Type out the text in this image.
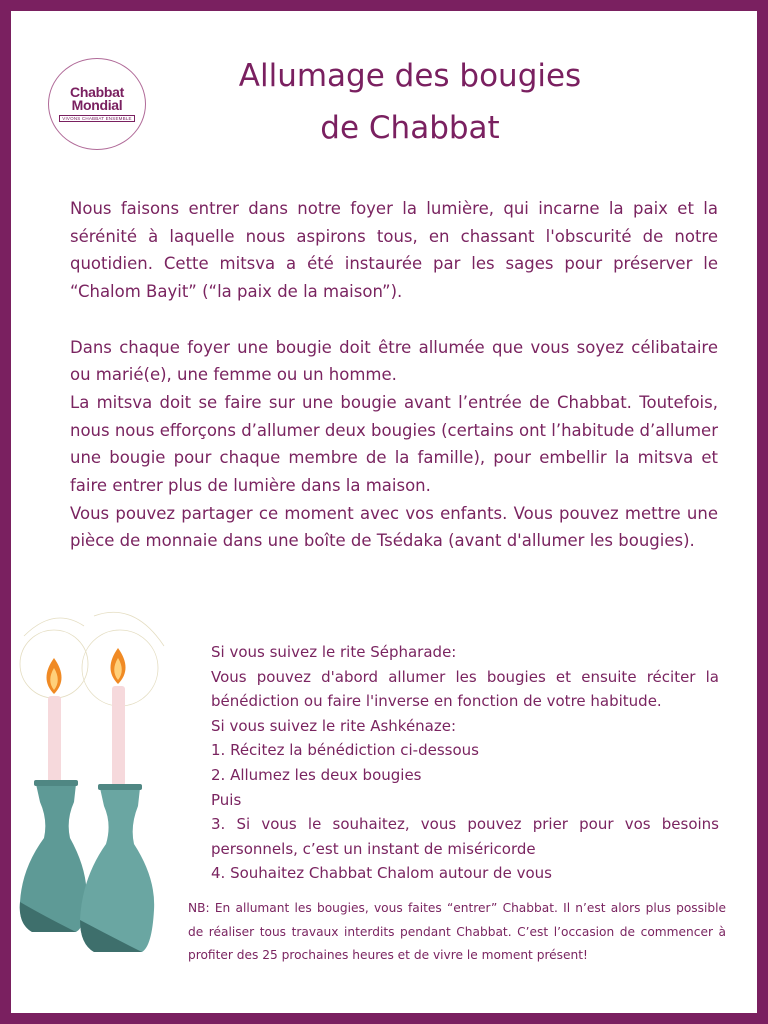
Chabbat
Mondial
VIVONS CHABBAT ENSEMBLE
Allumage des bougies
de Chabbat

Nous faisons entrer dans notre foyer la lumière, qui incarne la paix et la sérénité à laquelle nous aspirons tous, en chassant l'obscurité de notre quotidien. Cette mitsva a été instaurée par les sages pour préserver le “Chalom Bayit” (“la paix de la maison”).

Dans chaque foyer une bougie doit être allumée que vous soyez célibataire ou marié(e), une femme ou un homme.

La mitsva doit se faire sur une bougie avant l’entrée de Chabbat. Toutefois, nous nous efforçons d’allumer deux bougies (certains ont l’habitude d’allumer une bougie pour chaque membre de la famille), pour embellir la mitsva et faire entrer plus de lumière dans la maison.

Vous pouvez partager ce moment avec vos enfants. Vous pouvez mettre une pièce de monnaie dans une boîte de Tsédaka (avant d'allumer les bougies).

Si vous suivez le rite Sépharade:

Vous pouvez d'abord allumer les bougies et ensuite réciter la bénédiction ou faire l'inverse en fonction de votre habitude.

Si vous suivez le rite Ashkénaze:

1. Récitez la bénédiction ci-dessous

2. Allumez les deux bougies

Puis

3. Si vous le souhaitez, vous pouvez prier pour vos besoins personnels, c’est un instant de miséricorde

4. Souhaitez Chabbat Chalom autour de vous

NB: En allumant les bougies, vous faites “entrer” Chabbat. Il n’est alors plus possible de réaliser tous travaux interdits pendant Chabbat. C’est l’occasion de commencer à profiter des 25 prochaines heures et de vivre le moment présent!
